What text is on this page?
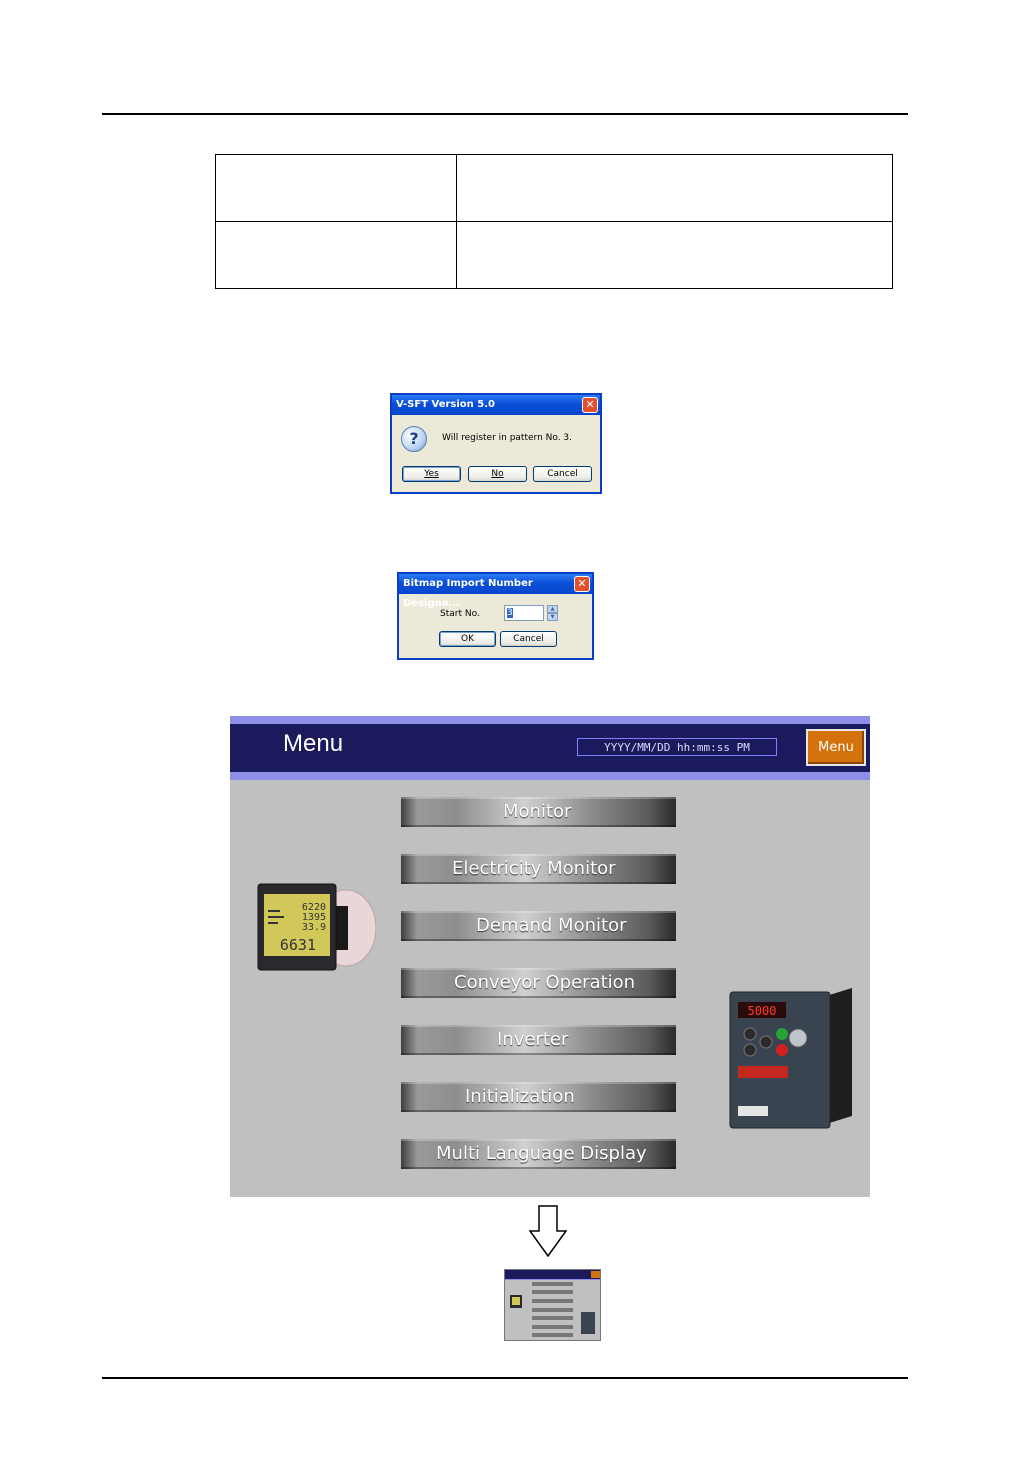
V-SFT Version 5.0	✕
?	Will register in pattern No. 3.
Yes	No	Cancel
Bitmap Import Number Designa...
✕
Start No.	3	▲
▼
OK	Cancel
Menu	YYYY/MM/DD hh:mm:ss PM	Menu
Monitor
Electricity Monitor
Demand Monitor
Conveyor Operation
Inverter
Initialization
Multi Language Display
6220
1395
33.9
6631
5000
